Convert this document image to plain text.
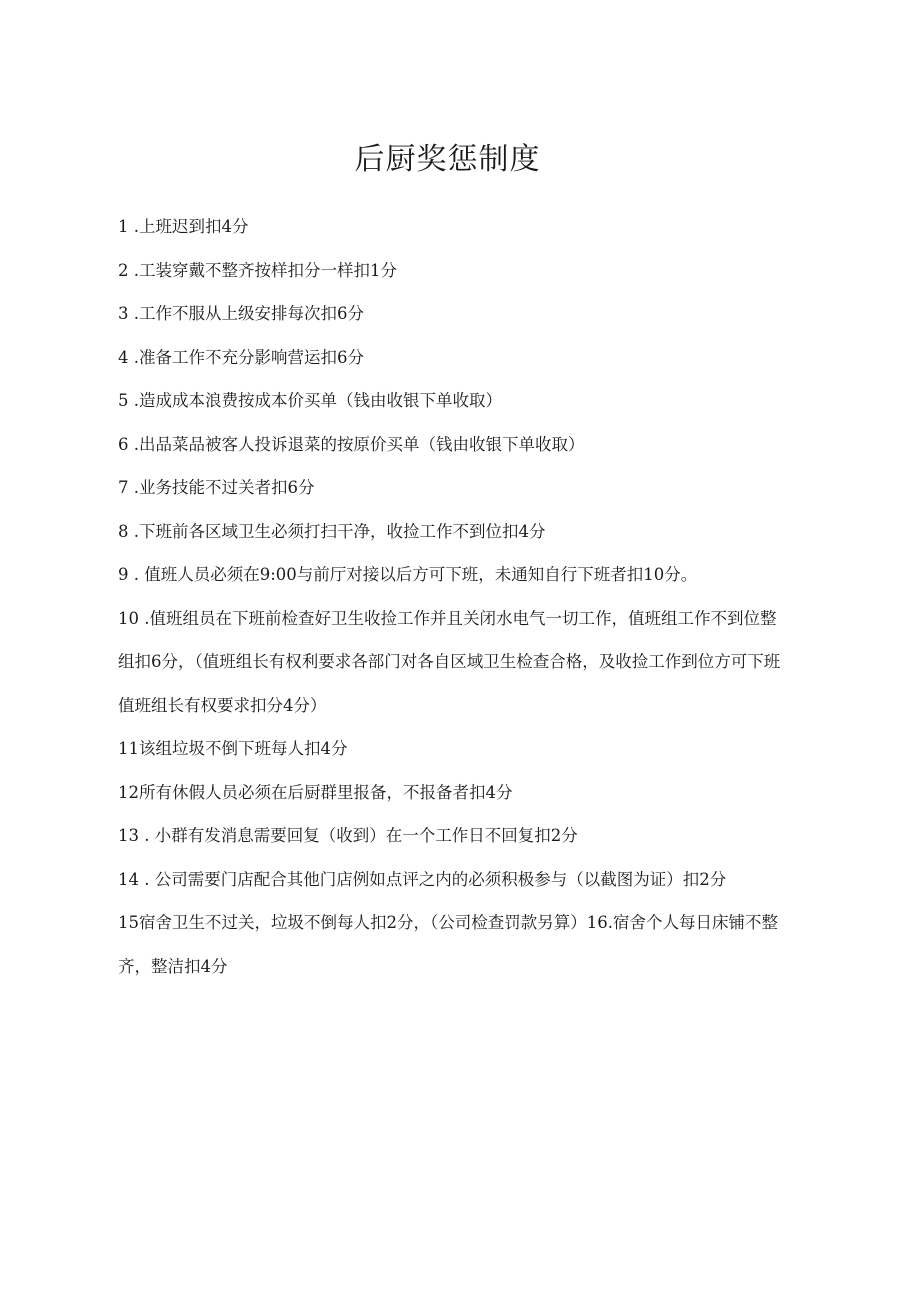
后厨奖惩制度

1 .上班迟到扣4分

2 .工装穿戴不整齐按样扣分一样扣1分

3 .工作不服从上级安排每次扣6分

4 .准备工作不充分影响营运扣6分

5 .造成成本浪费按成本价买单（钱由收银下单收取）

6 .出品菜品被客人投诉退菜的按原价买单（钱由收银下单收取）

7 .业务技能不过关者扣6分

8 .下班前各区域卫生必须打扫干净，收捡工作不到位扣4分

9 . 值班人员必须在9:00与前厅对接以后方可下班，未通知自行下班者扣10分。

10 .值班组员在下班前检查好卫生收捡工作并且关闭水电气一切工作，值班组工作不到位整组扣6分，（值班组长有权利要求各部门对各自区域卫生检查合格，及收捡工作到位方可下班值班组长有权要求扣分4分）

11该组垃圾不倒下班每人扣4分

12所有休假人员必须在后厨群里报备，不报备者扣4分

13 . 小群有发消息需要回复（收到）在一个工作日不回复扣2分

14 . 公司需要门店配合其他门店例如点评之内的必须积极参与（以截图为证）扣2分

15宿舍卫生不过关，垃圾不倒每人扣2分，（公司检查罚款另算）16.宿舍个人每日床铺不整齐，整洁扣4分
